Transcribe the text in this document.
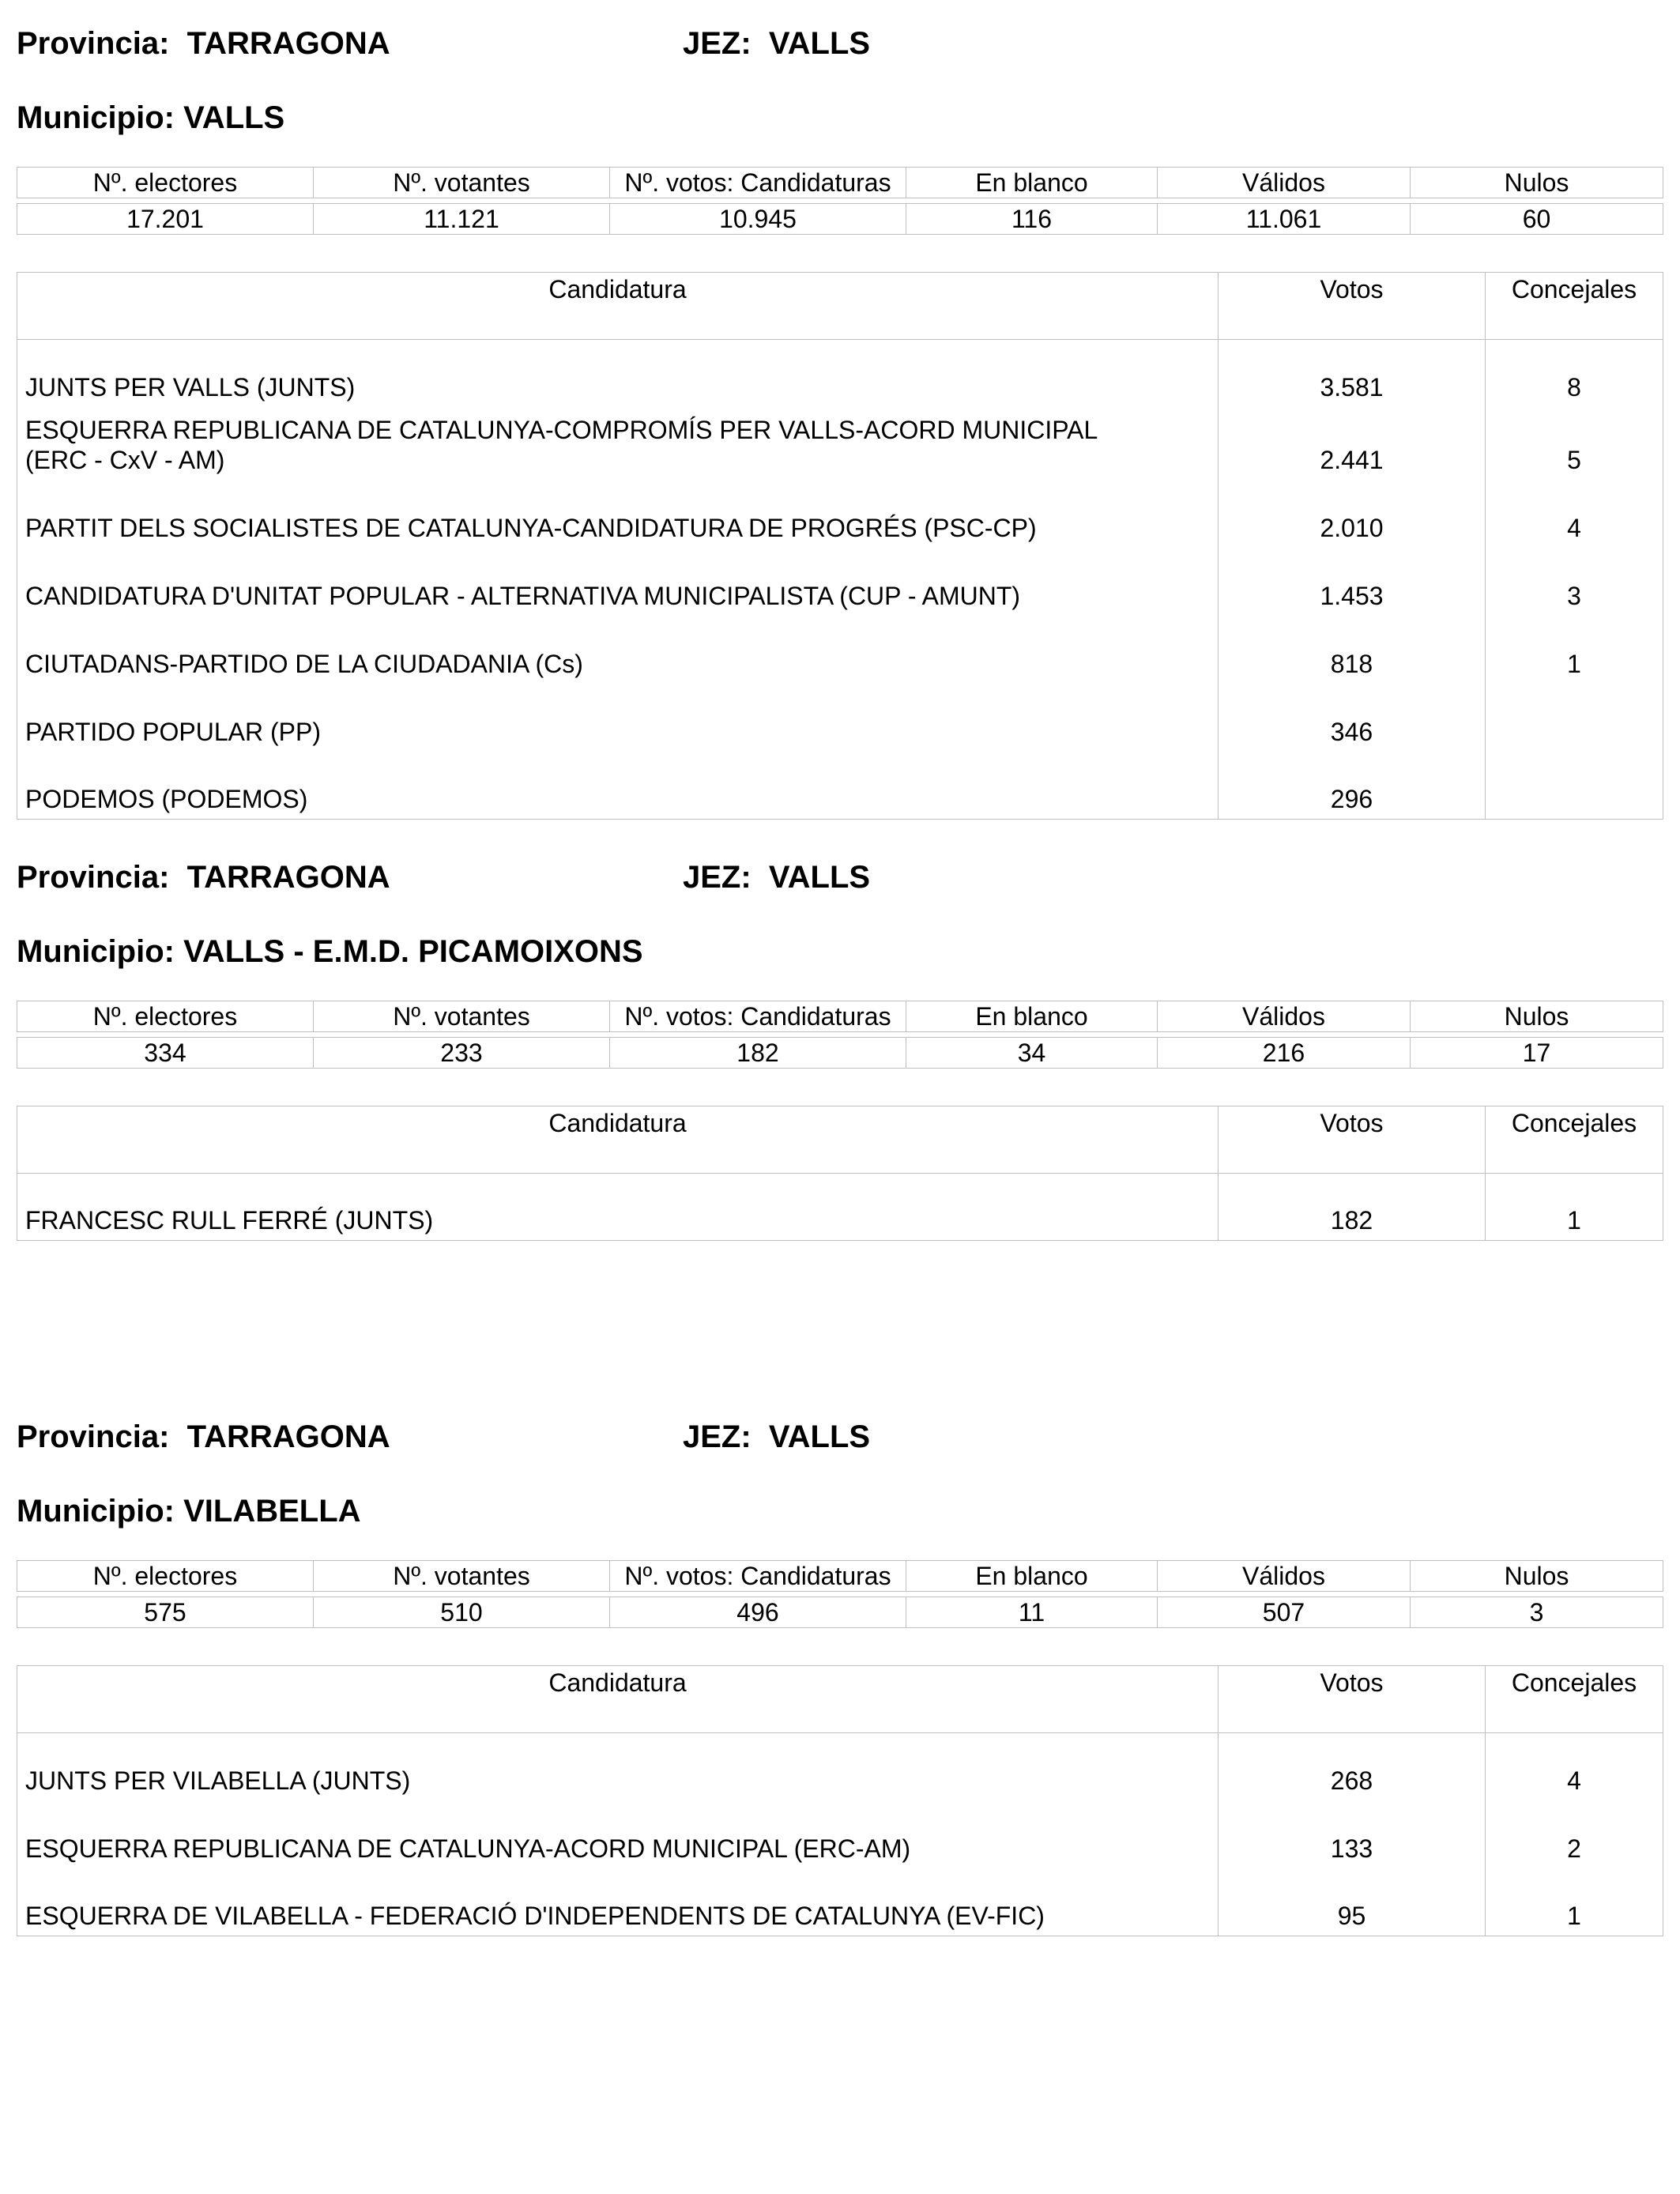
Provincia: TARRAGONA	JEZ: VALLS
Municipio: VALLS
Nº. electores	Nº. votantes	Nº. votos: Candidaturas	En blanco	Válidos	Nulos

17.201	11.121	10.945	116	11.061	60
Candidatura	Votos	Concejales
JUNTS PER VALLS (JUNTS)	3.581	8

ESQUERRA REPUBLICANA DE CATALUNYA-COMPROMÍS PER VALLS-ACORD MUNICIPAL
(ERC - CxV - AM)	2.441	5
PARTIT DELS SOCIALISTES DE CATALUNYA-CANDIDATURA DE PROGRÉS (PSC-CP)	2.010	4
CANDIDATURA D'UNITAT POPULAR - ALTERNATIVA MUNICIPALISTA (CUP - AMUNT)	1.453	3
CIUTADANS-PARTIDO DE LA CIUDADANIA (Cs)	818	1
PARTIDO POPULAR (PP)	346	
PODEMOS (PODEMOS)	296	
Provincia: TARRAGONA	JEZ: VALLS
Municipio: VALLS - E.M.D. PICAMOIXONS
Nº. electores	Nº. votantes	Nº. votos: Candidaturas	En blanco	Válidos	Nulos

334	233	182	34	216	17
Candidatura	Votos	Concejales
FRANCESC RULL FERRÉ (JUNTS)	182	1
Provincia: TARRAGONA	JEZ: VALLS
Municipio: VILABELLA
Nº. electores	Nº. votantes	Nº. votos: Candidaturas	En blanco	Válidos	Nulos

575	510	496	11	507	3
Candidatura	Votos	Concejales
JUNTS PER VILABELLA (JUNTS)	268	4
ESQUERRA REPUBLICANA DE CATALUNYA-ACORD MUNICIPAL (ERC-AM)	133	2
ESQUERRA DE VILABELLA - FEDERACIÓ D'INDEPENDENTS DE CATALUNYA (EV-FIC)	95	1
